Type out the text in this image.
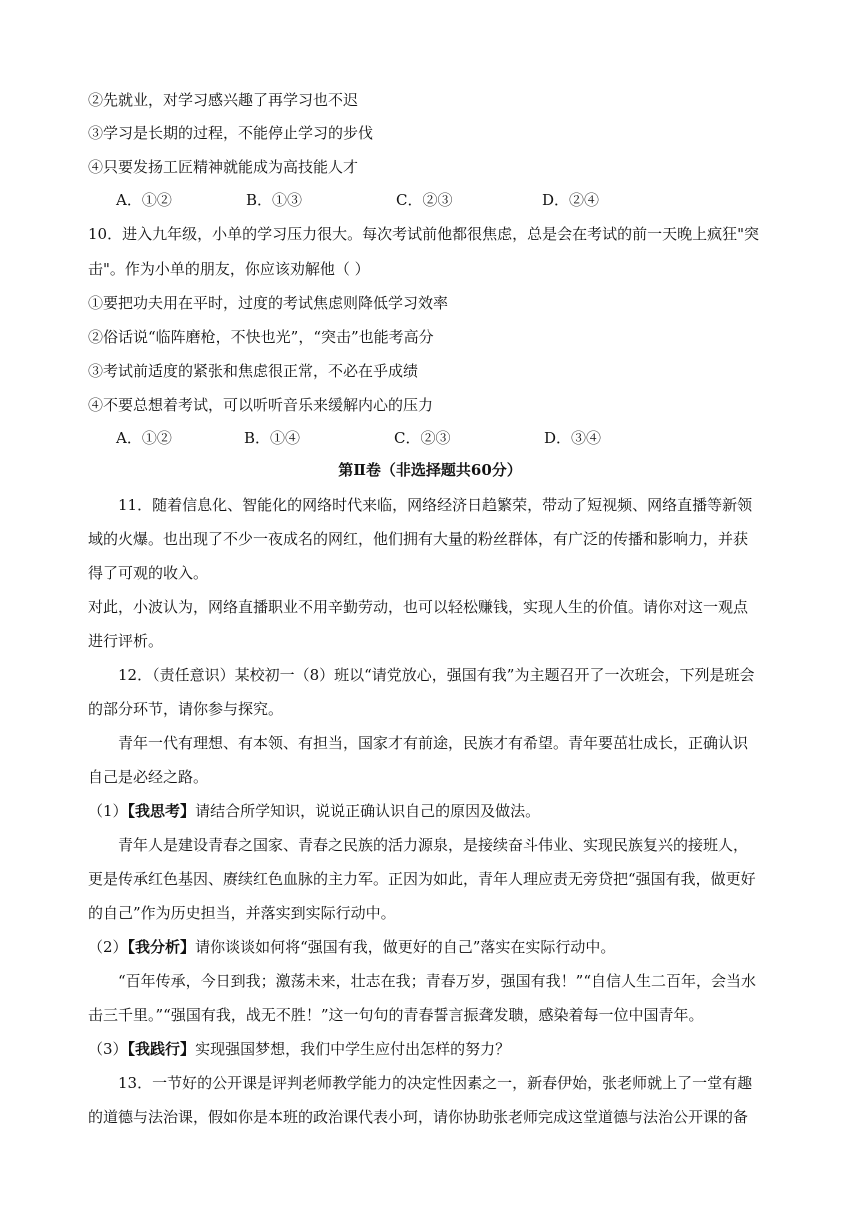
②先就业，对学习感兴趣了再学习也不迟
③学习是长期的过程，不能停止学习的步伐
④只要发扬工匠精神就能成为高技能人才
A．①②	B．①③	C．②③	D．②④
10．进入九年级，小单的学习压力很大。每次考试前他都很焦虑，总是会在考试的前一天晚上疯狂"突
击"。作为小单的朋友，你应该劝解他（ ）
①要把功夫用在平时，过度的考试焦虑则降低学习效率
②俗话说“临阵磨枪，不快也光”，“突击”也能考高分
③考试前适度的紧张和焦虑很正常，不必在乎成绩
④不要总想着考试，可以听听音乐来缓解内心的压力
A．①②	B．①④	C．②③	D．③④
第Ⅱ卷（非选择题共60分）
11．随着信息化、智能化的网络时代来临，网络经济日趋繁荣，带动了短视频、网络直播等新领
域的火爆。也出现了不少一夜成名的网红，他们拥有大量的粉丝群体，有广泛的传播和影响力，并获
得了可观的收入。
对此，小波认为，网络直播职业不用辛勤劳动，也可以轻松赚钱，实现人生的价值。请你对这一观点
进行评析。
12．（责任意识）某校初一（8）班以“请党放心，强国有我”为主题召开了一次班会，下列是班会
的部分环节，请你参与探究。
青年一代有理想、有本领、有担当，国家才有前途，民族才有希望。青年要茁壮成长，正确认识
自己是必经之路。
（1）【我思考】请结合所学知识，说说正确认识自己的原因及做法。
青年人是建设青春之国家、青春之民族的活力源泉，是接续奋斗伟业、实现民族复兴的接班人，
更是传承红色基因、赓续红色血脉的主力军。正因为如此，青年人理应责无旁贷把“强国有我，做更好
的自己”作为历史担当，并落实到实际行动中。
（2）【我分析】请你谈谈如何将“强国有我，做更好的自己”落实在实际行动中。
“百年传承，今日到我；激荡未来，壮志在我；青春万岁，强国有我！”“自信人生二百年，会当水
击三千里。”“强国有我，战无不胜！”这一句句的青春誓言振聋发聩，感染着每一位中国青年。
（3）【我践行】实现强国梦想，我们中学生应付出怎样的努力？
13．一节好的公开课是评判老师教学能力的决定性因素之一，新春伊始，张老师就上了一堂有趣
的道德与法治课，假如你是本班的政治课代表小珂，请你协助张老师完成这堂道德与法治公开课的备
